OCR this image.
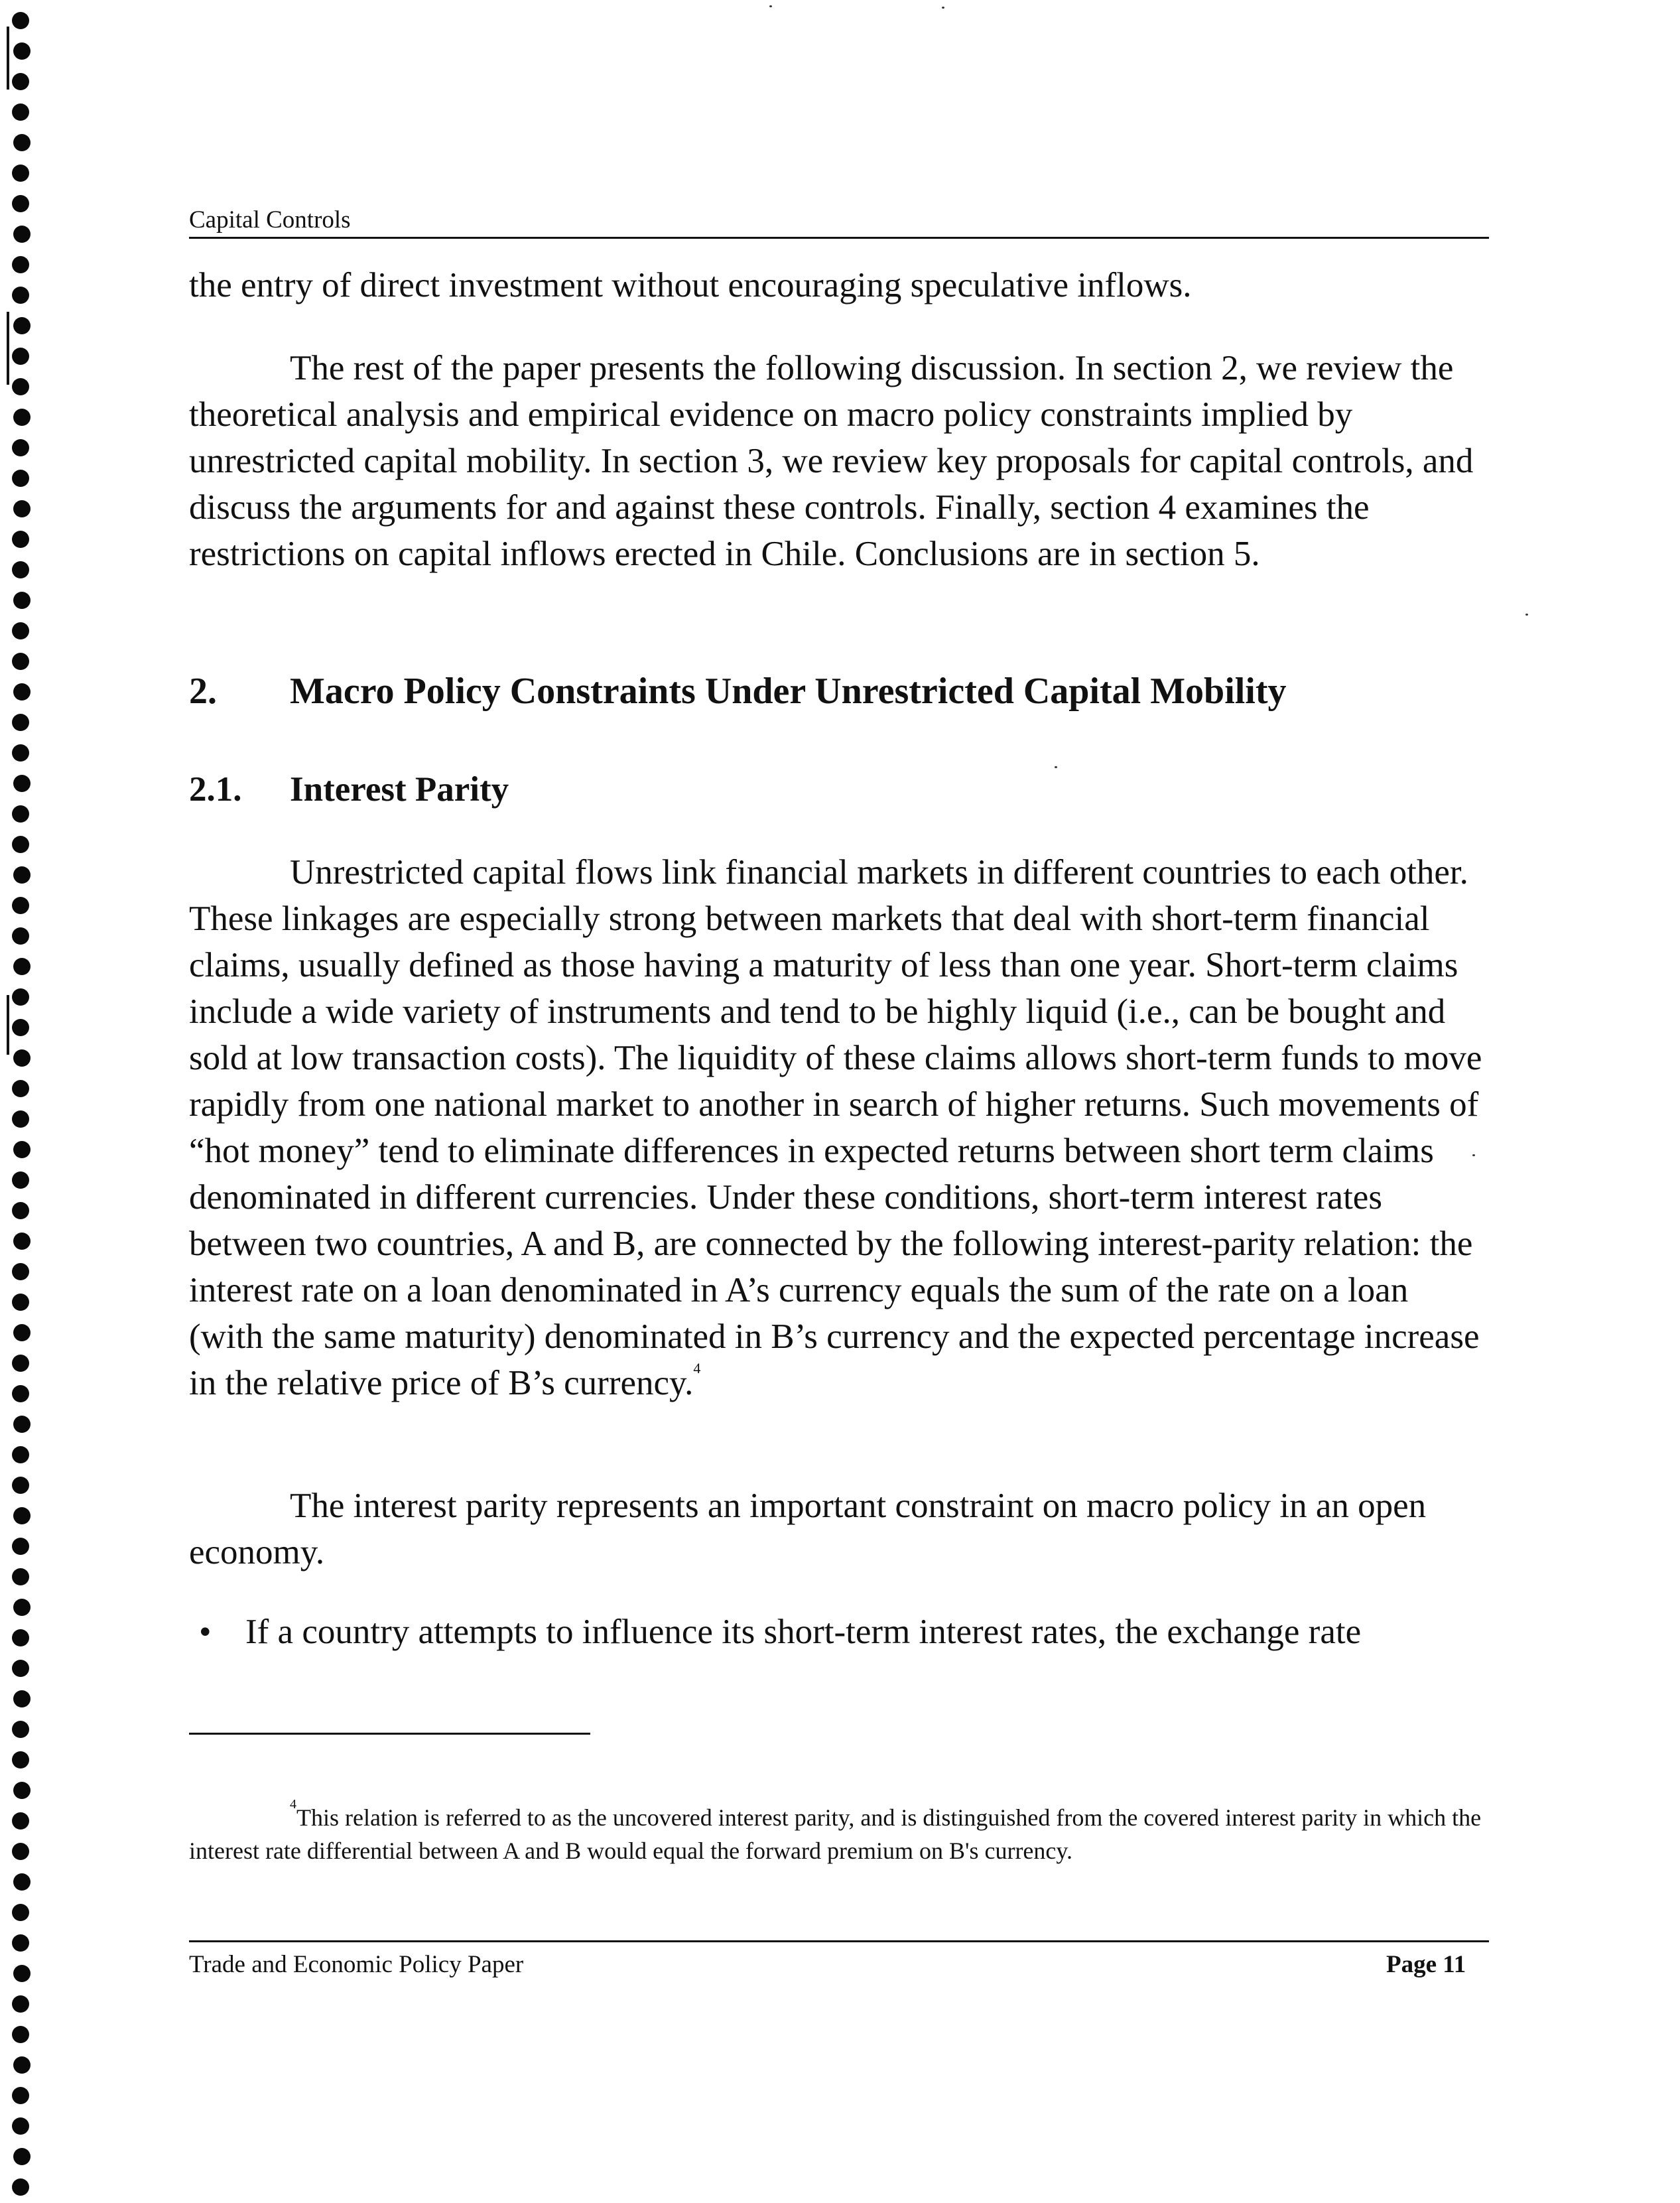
Capital Controls

the entry of direct investment without encouraging speculative inflows.

The rest of the paper presents the following discussion. In section 2, we review the theoretical analysis and empirical evidence on macro policy constraints implied by unrestricted capital mobility. In section 3, we review key proposals for capital controls, and discuss the arguments for and against these controls. Finally, section 4 examines the restrictions on capital inflows erected in Chile. Conclusions are in section 5.

2. Macro Policy Constraints Under Unrestricted Capital Mobility
2.1. Interest Parity

Unrestricted capital flows link financial markets in different countries to each other. These linkages are especially strong between markets that deal with short-term financial claims, usually defined as those having a maturity of less than one year. Short-term claims include a wide variety of instruments and tend to be highly liquid (i.e., can be bought and sold at low transaction costs). The liquidity of these claims allows short-term funds to move rapidly from one national market to another in search of higher returns. Such movements of “hot money” tend to eliminate differences in expected returns between short term claims denominated in different currencies. Under these conditions, short-term interest rates between two countries, A and B, are connected by the following interest-parity relation: the interest rate on a loan denominated in A’s currency equals the sum of the rate on a loan (with the same maturity) denominated in B’s currency and the expected percentage increase in the relative price of B’s currency.$^4$

The interest parity represents an important constraint on macro policy in an open economy.

• If a country attempts to influence its short-term interest rates, the exchange rate

$^4$This relation is referred to as the uncovered interest parity, and is distinguished from the covered interest parity in which the interest rate differential between A and B would equal the forward premium on B's currency.

Trade and Economic Policy Paper	Page 11
